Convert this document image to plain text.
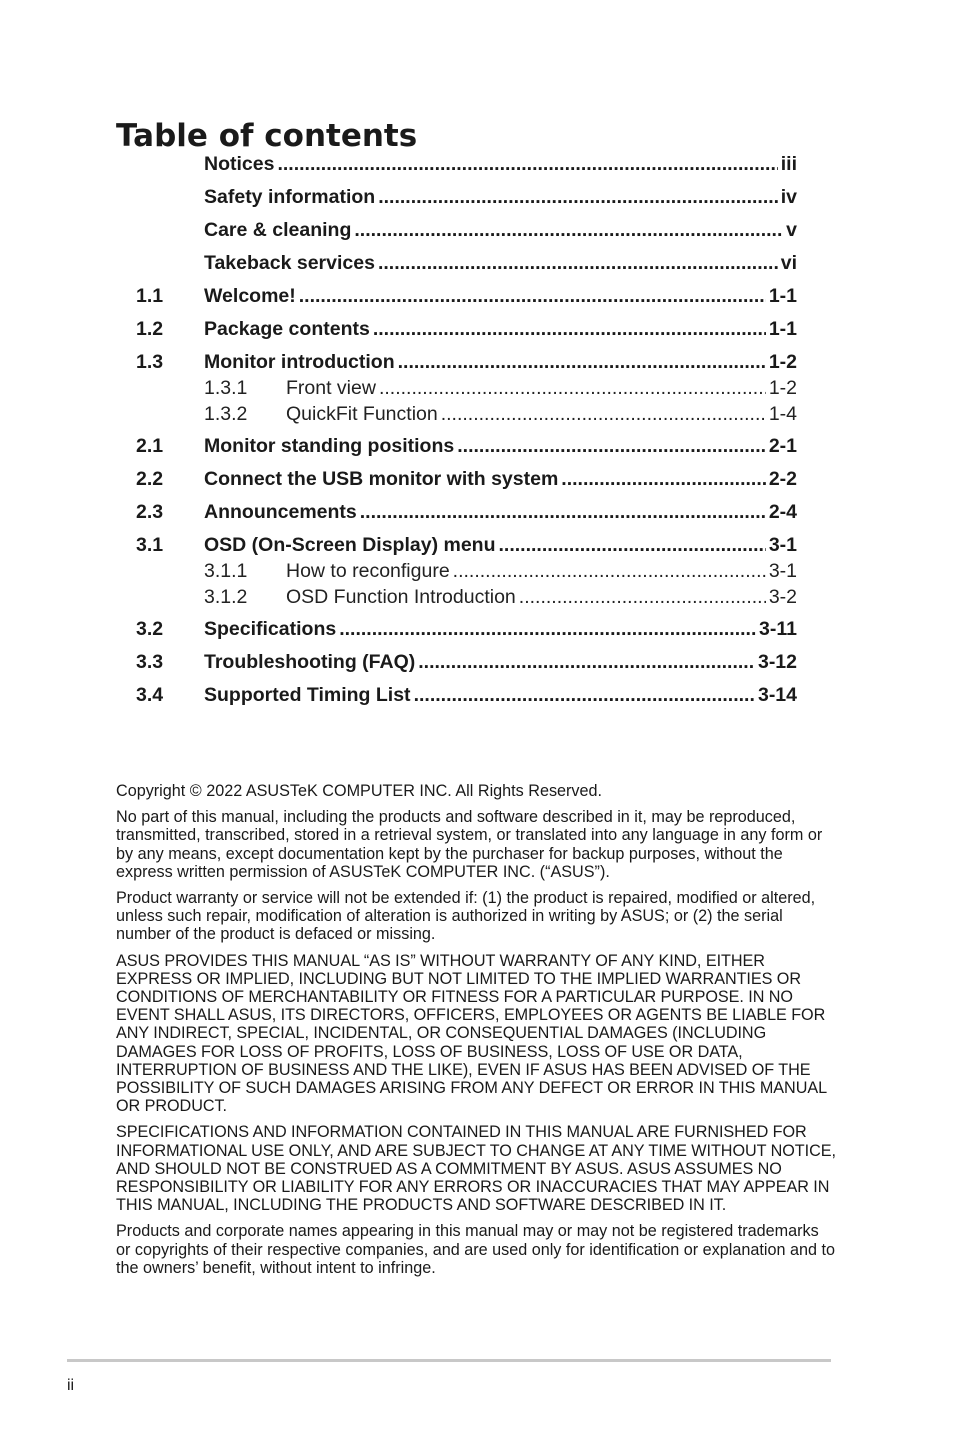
Table of contents
Notices .....	iii
Safety information .....	iv
Care & cleaning .....	v
Takeback services .....	vi
1.1	Welcome! .....	1-1
1.2	Package contents .....	1-1
1.3	Monitor introduction .....	1-2
1.3.1	Front view .....	1-2
1.3.2	QuickFit Function .....	1-4
2.1	Monitor standing positions .....	2-1
2.2	Connect the USB monitor with system .....	2-2
2.3	Announcements .....	2-4
3.1	OSD (On-Screen Display) menu .....	3-1
3.1.1	How to reconfigure .....	3-1
3.1.2	OSD Function Introduction .....	3-2
3.2	Specifications .....	3-11
3.3	Troubleshooting (FAQ) .....	3-12
3.4	Supported Timing List .....	3-14

Copyright © 2022 ASUSTeK COMPUTER INC. All Rights Reserved.

No part of this manual, including the products and software described in it, may be reproduced, transmitted, transcribed, stored in a retrieval system, or translated into any language in any form or by any means, except documentation kept by the purchaser for backup purposes, without the express written permission of ASUSTeK COMPUTER INC. (“ASUS”).

Product warranty or service will not be extended if: (1) the product is repaired, modified or altered, unless such repair, modification of alteration is authorized in writing by ASUS; or (2) the serial number of the product is defaced or missing.

ASUS PROVIDES THIS MANUAL “AS IS” WITHOUT WARRANTY OF ANY KIND, EITHER EXPRESS OR IMPLIED, INCLUDING BUT NOT LIMITED TO THE IMPLIED WARRANTIES OR CONDITIONS OF MERCHANTABILITY OR FITNESS FOR A PARTICULAR PURPOSE. IN NO EVENT SHALL ASUS, ITS DIRECTORS, OFFICERS, EMPLOYEES OR AGENTS BE LIABLE FOR ANY INDIRECT, SPECIAL, INCIDENTAL, OR CONSEQUENTIAL DAMAGES (INCLUDING DAMAGES FOR LOSS OF PROFITS, LOSS OF BUSINESS, LOSS OF USE OR DATA, INTERRUPTION OF BUSINESS AND THE LIKE), EVEN IF ASUS HAS BEEN ADVISED OF THE POSSIBILITY OF SUCH DAMAGES ARISING FROM ANY DEFECT OR ERROR IN THIS MANUAL OR PRODUCT.

SPECIFICATIONS AND INFORMATION CONTAINED IN THIS MANUAL ARE FURNISHED FOR INFORMATIONAL USE ONLY, AND ARE SUBJECT TO CHANGE AT ANY TIME WITHOUT NOTICE, AND SHOULD NOT BE CONSTRUED AS A COMMITMENT BY ASUS. ASUS ASSUMES NO RESPONSIBILITY OR LIABILITY FOR ANY ERRORS OR INACCURACIES THAT MAY APPEAR IN THIS MANUAL, INCLUDING THE PRODUCTS AND SOFTWARE DESCRIBED IN IT.

Products and corporate names appearing in this manual may or may not be registered trademarks or copyrights of their respective companies, and are used only for identification or explanation and to the owners’ benefit, without intent to infringe.

ii
